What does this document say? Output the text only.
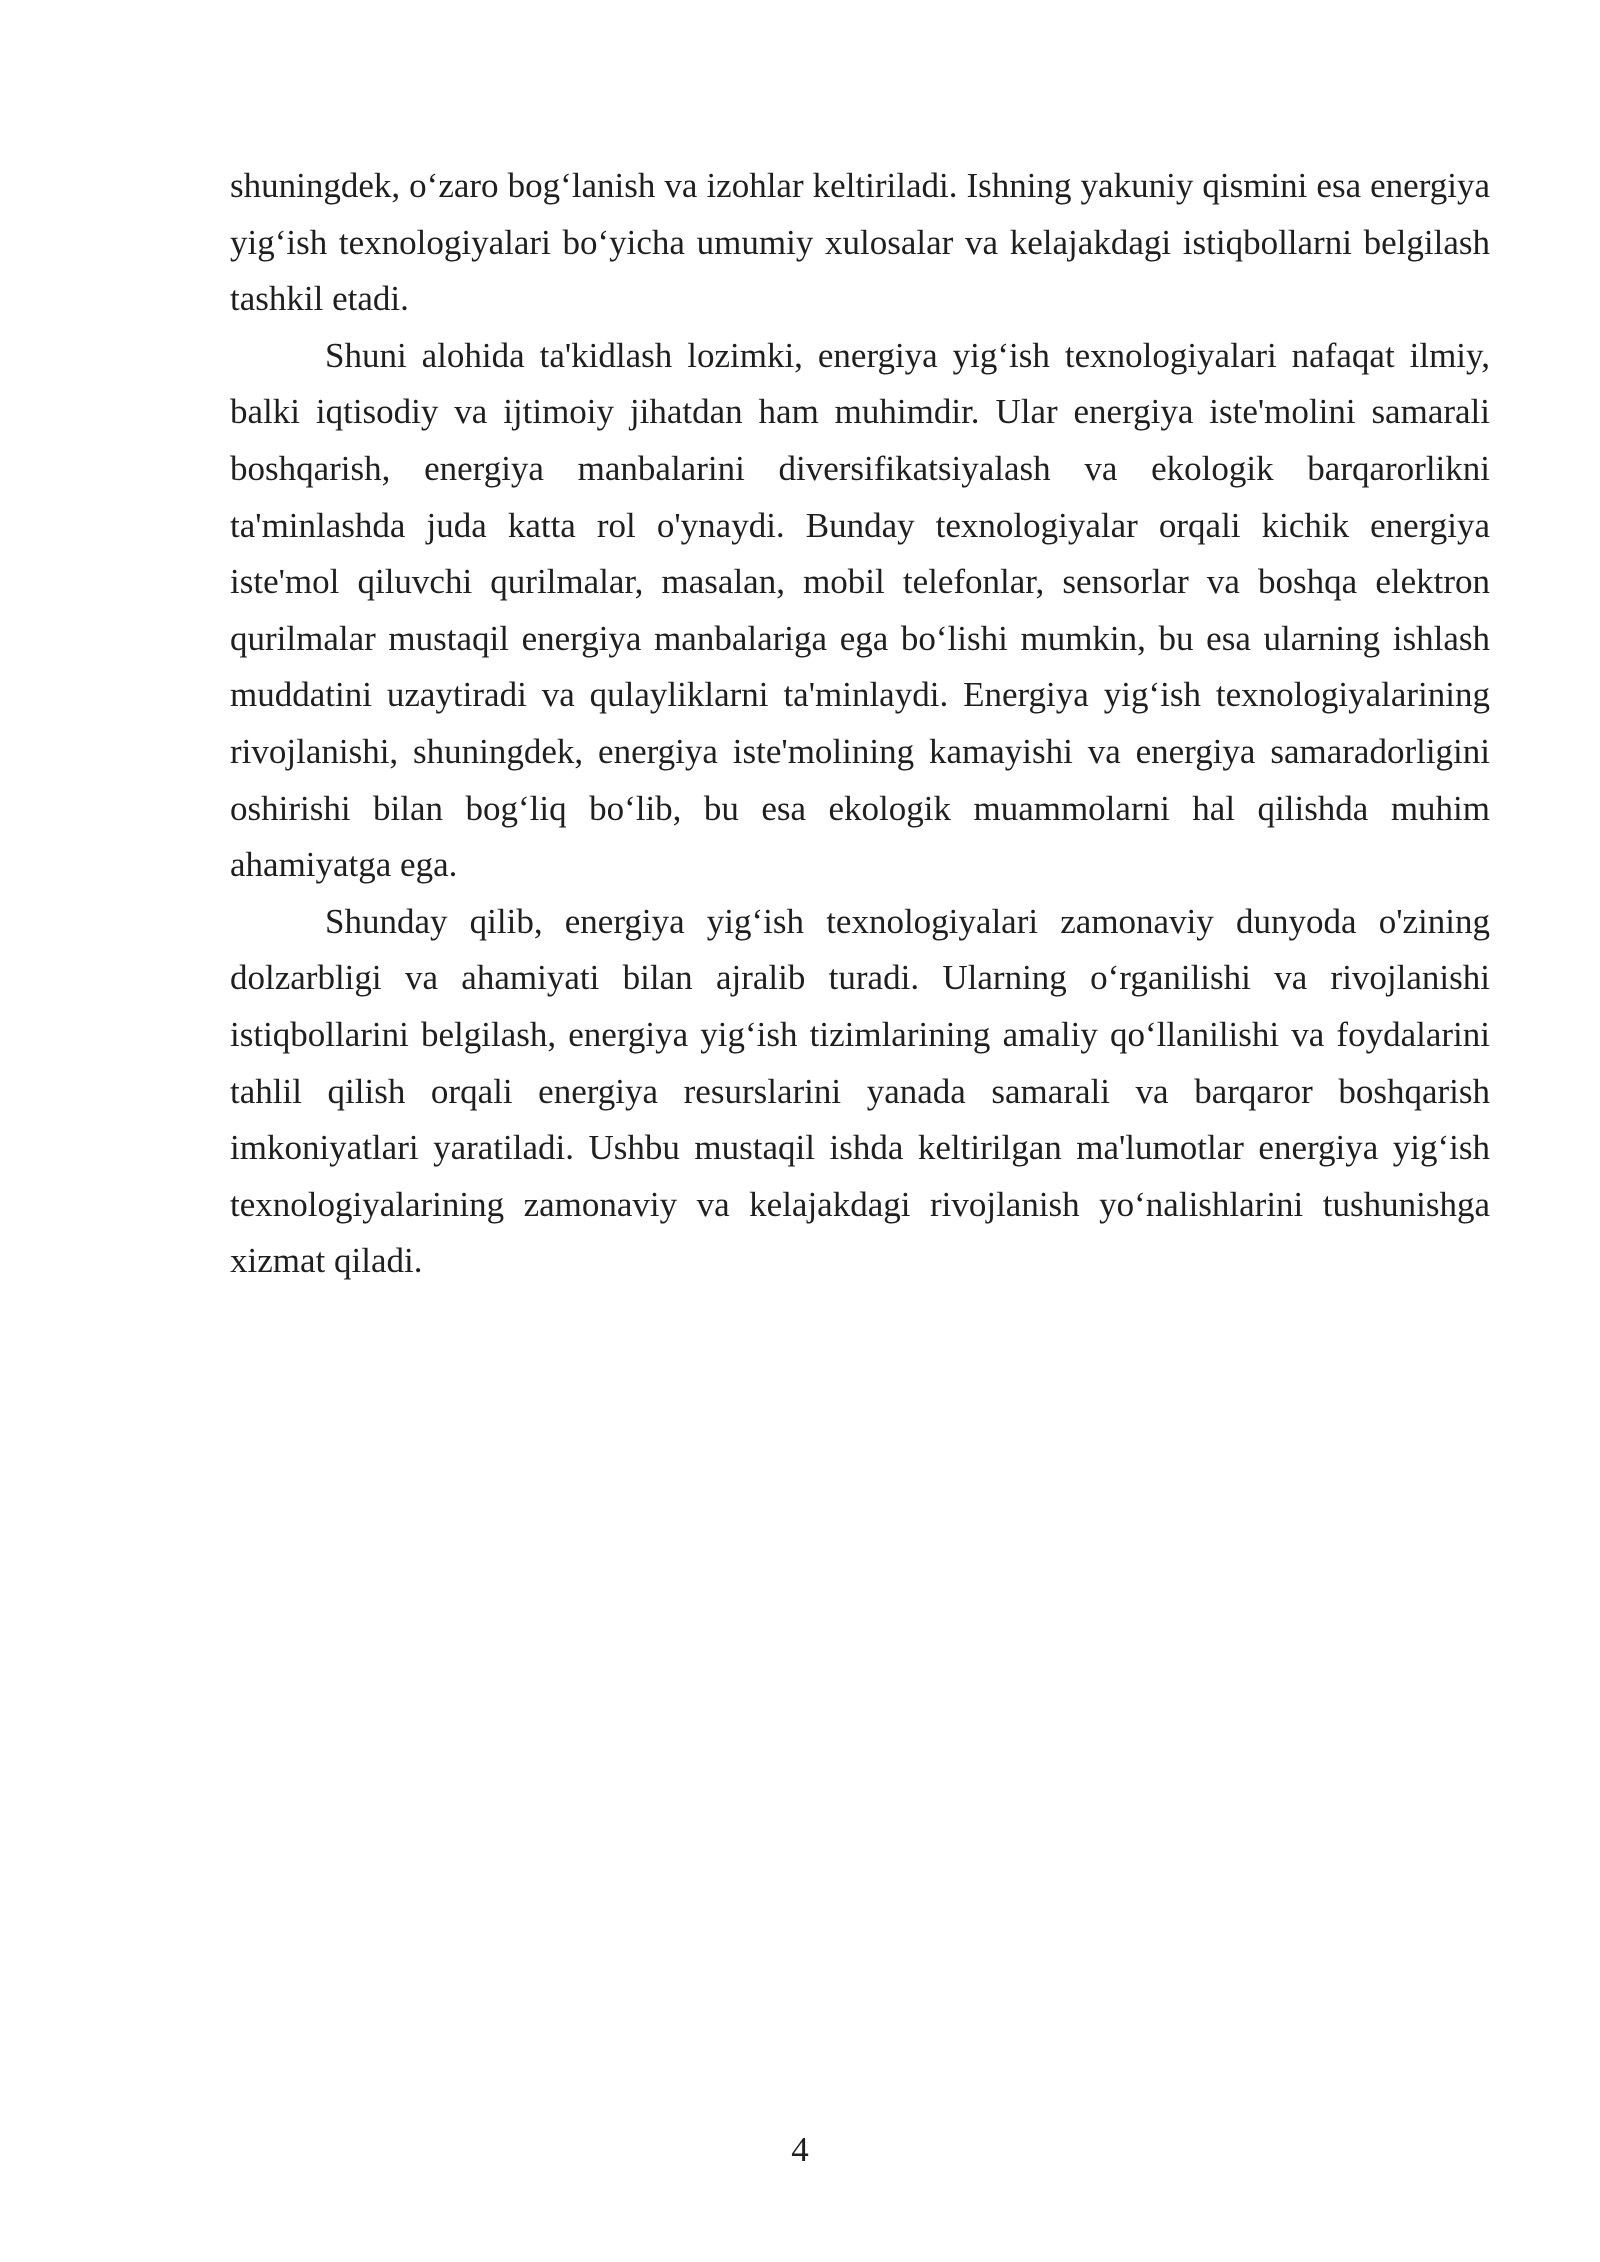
shuningdek, o‘zaro bog‘lanish va izohlar keltiriladi. Ishning yakuniy qismini esa energiya yig‘ish texnologiyalari bo‘yicha umumiy xulosalar va kelajakdagi istiqbollarni belgilash tashkil etadi.

Shuni alohida ta'kidlash lozimki, energiya yig‘ish texnologiyalari nafaqat ilmiy, balki iqtisodiy va ijtimoiy jihatdan ham muhimdir. Ular energiya iste'molini samarali boshqarish, energiya manbalarini diversifikatsiyalash va ekologik barqarorlikni ta'minlashda juda katta rol o'ynaydi. Bunday texnologiyalar orqali kichik energiya iste'mol qiluvchi qurilmalar, masalan, mobil telefonlar, sensorlar va boshqa elektron qurilmalar mustaqil energiya manbalariga ega bo‘lishi mumkin, bu esa ularning ishlash muddatini uzaytiradi va qulayliklarni ta'minlaydi. Energiya yig‘ish texnologiyalarining rivojlanishi, shuningdek, energiya iste'molining kamayishi va energiya samaradorligini oshirishi bilan bog‘liq bo‘lib, bu esa ekologik muammolarni hal qilishda muhim ahamiyatga ega.

Shunday qilib, energiya yig‘ish texnologiyalari zamonaviy dunyoda o'zining dolzarbligi va ahamiyati bilan ajralib turadi. Ularning o‘rganilishi va rivojlanishi istiqbollarini belgilash, energiya yig‘ish tizimlarining amaliy qo‘llanilishi va foydalarini tahlil qilish orqali energiya resurslarini yanada samarali va barqaror boshqarish imkoniyatlari yaratiladi. Ushbu mustaqil ishda keltirilgan ma'lumotlar energiya yig‘ish texnologiyalarining zamonaviy va kelajakdagi rivojlanish yo‘nalishlarini tushunishga xizmat qiladi.

4
